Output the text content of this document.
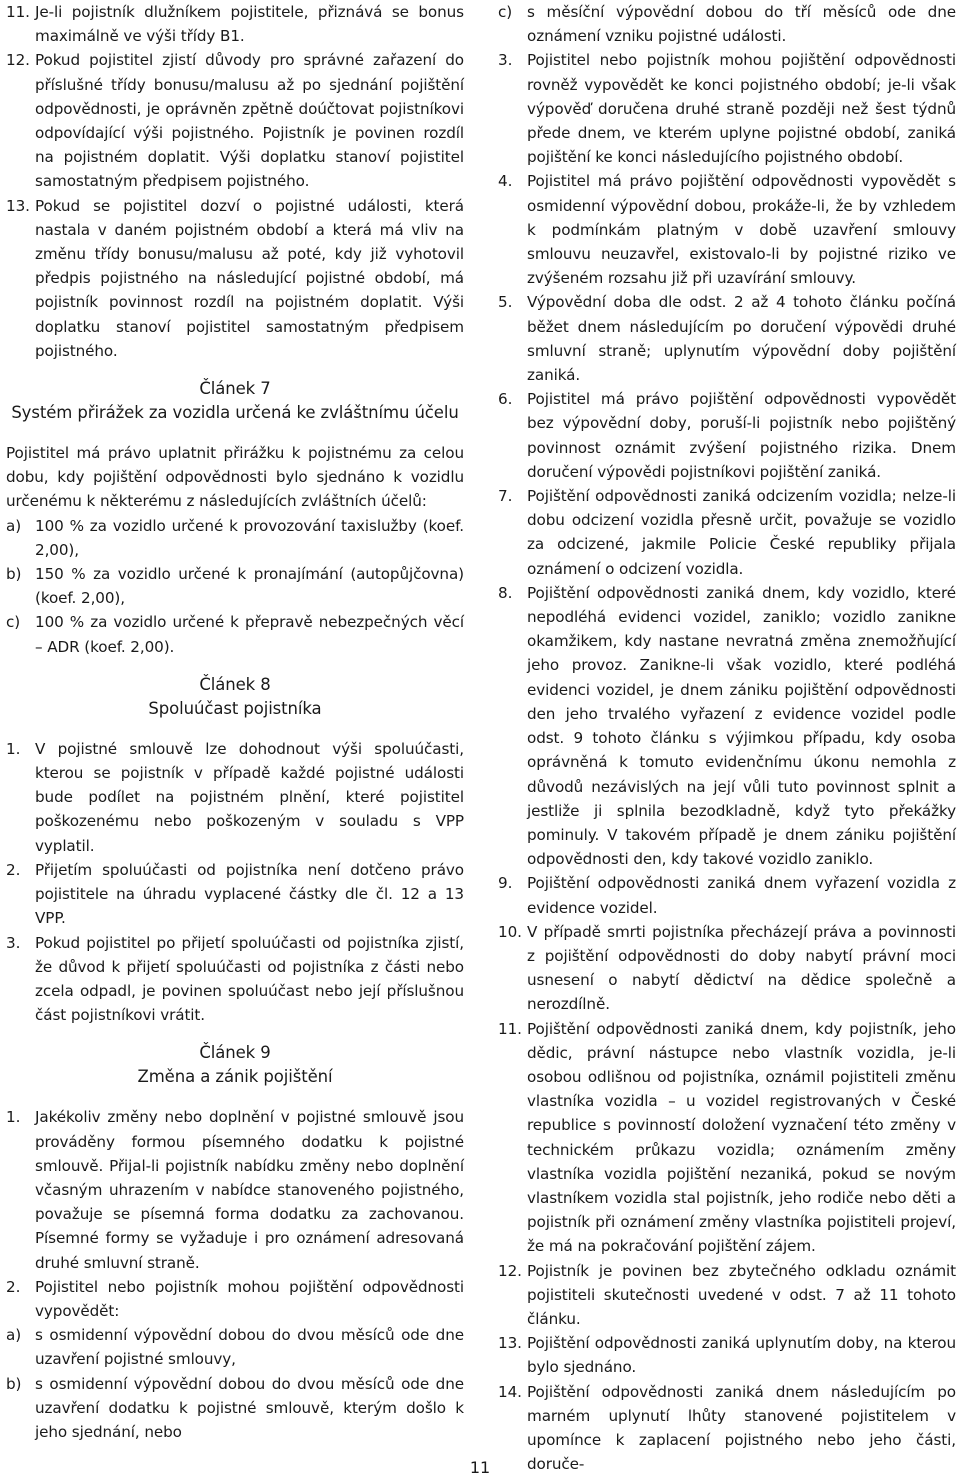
11. Je-li pojistník dlužníkem pojistitele, přiznává se bonus maximálně ve výši třídy B1.
12. Pokud pojistitel zjistí důvody pro správné zařazení do příslušné třídy bonusu/malusu až po sjednání pojištění odpovědnosti, je oprávněn zpětně doúčtovat pojistníkovi odpovídající výši pojistného. Pojistník je povinen rozdíl na pojistném doplatit. Výši doplatku stanoví pojistitel samostatným předpisem pojistného.
13. Pokud se pojistitel dozví o pojistné události, která nastala v daném pojistném období a která má vliv na změnu třídy bonusu/malusu až poté, kdy již vyhotovil předpis pojistného na následující pojistné období, má pojistník povinnost rozdíl na pojistném doplatit. Výši doplatku stanoví pojistitel samostatným předpisem pojistného.

Článek 7

Systém přirážek za vozidla určená ke zvláštnímu účelu

Pojistitel má právo uplatnit přirážku k pojistnému za celou dobu, kdy pojištění odpovědnosti bylo sjednáno k vozidlu určenému k některému z následujících zvláštních účelů:

a) 100 % za vozidlo určené k provozování taxislužby (koef. 2,00),
b) 150 % za vozidlo určené k pronajímání (autopůjčovna) (koef. 2,00),
c) 100 % za vozidlo určené k přepravě nebezpečných věcí – ADR (koef. 2,00).

Článek 8

Spoluúčast pojistníka

1. V pojistné smlouvě lze dohodnout výši spoluúčasti, kterou se pojistník v případě každé pojistné události bude podílet na pojistném plnění, které pojistitel poškozenému nebo poškozeným v souladu s VPP vyplatil.
2. Přijetím spoluúčasti od pojistníka není dotčeno právo pojistitele na úhradu vyplacené částky dle čl. 12 a 13 VPP.
3. Pokud pojistitel po přijetí spoluúčasti od pojistníka zjistí, že důvod k přijetí spoluúčasti od pojistníka z části nebo zcela odpadl, je povinen spoluúčast nebo její příslušnou část pojistníkovi vrátit.

Článek 9

Změna a zánik pojištění

1. Jakékoliv změny nebo doplnění v pojistné smlouvě jsou prováděny formou písemného dodatku k pojistné smlouvě. Přijal-li pojistník nabídku změny nebo doplnění včasným uhrazením v nabídce stanoveného pojistného, považuje se písemná forma dodatku za zachovanou. Písemné formy se vyžaduje i pro oznámení adresovaná druhé smluvní straně.
2. Pojistitel nebo pojistník mohou pojištění odpovědnosti vypovědět:
a) s osmidenní výpovědní dobou do dvou měsíců ode dne uzavření pojistné smlouvy,
b) s osmidenní výpovědní dobou do dvou měsíců ode dne uzavření dodatku k pojistné smlouvě, kterým došlo k jeho sjednání, nebo
c) s měsíční výpovědní dobou do tří měsíců ode dne oznámení vzniku pojistné události.
3. Pojistitel nebo pojistník mohou pojištění odpovědnosti rovněž vypovědět ke konci pojistného období; je-li však výpověď doručena druhé straně později než šest týdnů přede dnem, ve kterém uplyne pojistné období, zaniká pojištění ke konci následujícího pojistného období.
4. Pojistitel má právo pojištění odpovědnosti vypovědět s osmidenní výpovědní dobou, prokáže-li, že by vzhledem k podmínkám platným v době uzavření smlouvy smlouvu neuzavřel, existovalo-li by pojistné riziko ve zvýšeném rozsahu již při uzavírání smlouvy.
5. Výpovědní doba dle odst. 2 až 4 tohoto článku počíná běžet dnem následujícím po doručení výpovědi druhé smluvní straně; uplynutím výpovědní doby pojištění zaniká.
6. Pojistitel má právo pojištění odpovědnosti vypovědět bez výpovědní doby, poruší-li pojistník nebo pojištěný povinnost oznámit zvýšení pojistného rizika. Dnem doručení výpovědi pojistníkovi pojištění zaniká.
7. Pojištění odpovědnosti zaniká odcizením vozidla; nelze-li dobu odcizení vozidla přesně určit, považuje se vozidlo za odcizené, jakmile Policie České republiky přijala oznámení o odcizení vozidla.
8. Pojištění odpovědnosti zaniká dnem, kdy vozidlo, které nepodléhá evidenci vozidel, zaniklo; vozidlo zanikne okamžikem, kdy nastane nevratná změna znemožňující jeho provoz. Zanikne-li však vozidlo, které podléhá evidenci vozidel, je dnem zániku pojištění odpovědnosti den jeho trvalého vyřazení z evidence vozidel podle odst. 9 tohoto článku s výjimkou případu, kdy osoba oprávněná k tomuto evidenčnímu úkonu nemohla z důvodů nezávislých na její vůli tuto povinnost splnit a jestliže ji splnila bezodkladně, když tyto překážky pominuly. V takovém případě je dnem zániku pojištění odpovědnosti den, kdy takové vozidlo zaniklo.
9. Pojištění odpovědnosti zaniká dnem vyřazení vozidla z evidence vozidel.
10. V případě smrti pojistníka přecházejí práva a povinnosti z pojištění odpovědnosti do doby nabytí právní moci usnesení o nabytí dědictví na dědice společně a nerozdílně.
11. Pojištění odpovědnosti zaniká dnem, kdy pojistník, jeho dědic, právní nástupce nebo vlastník vozidla, je-li osobou odlišnou od pojistníka, oznámil pojistiteli změnu vlastníka vozidla – u vozidel registrovaných v České republice s povinností doložení vyznačení této změny v technickém průkazu vozidla; oznámením změny vlastníka vozidla pojištění nezaniká, pokud se novým vlastníkem vozidla stal pojistník, jeho rodiče nebo děti a pojistník při oznámení změny vlastníka pojistiteli projeví, že má na pokračování pojištění zájem.
12. Pojistník je povinen bez zbytečného odkladu oznámit pojistiteli skutečnosti uvedené v odst. 7 až 11 tohoto článku.
13. Pojištění odpovědnosti zaniká uplynutím doby, na kterou bylo sjednáno.
14. Pojištění odpovědnosti zaniká dnem následujícím po marném uplynutí lhůty stanovené pojistitelem v upomínce k zaplacení pojistného nebo jeho části, doruče-
11
